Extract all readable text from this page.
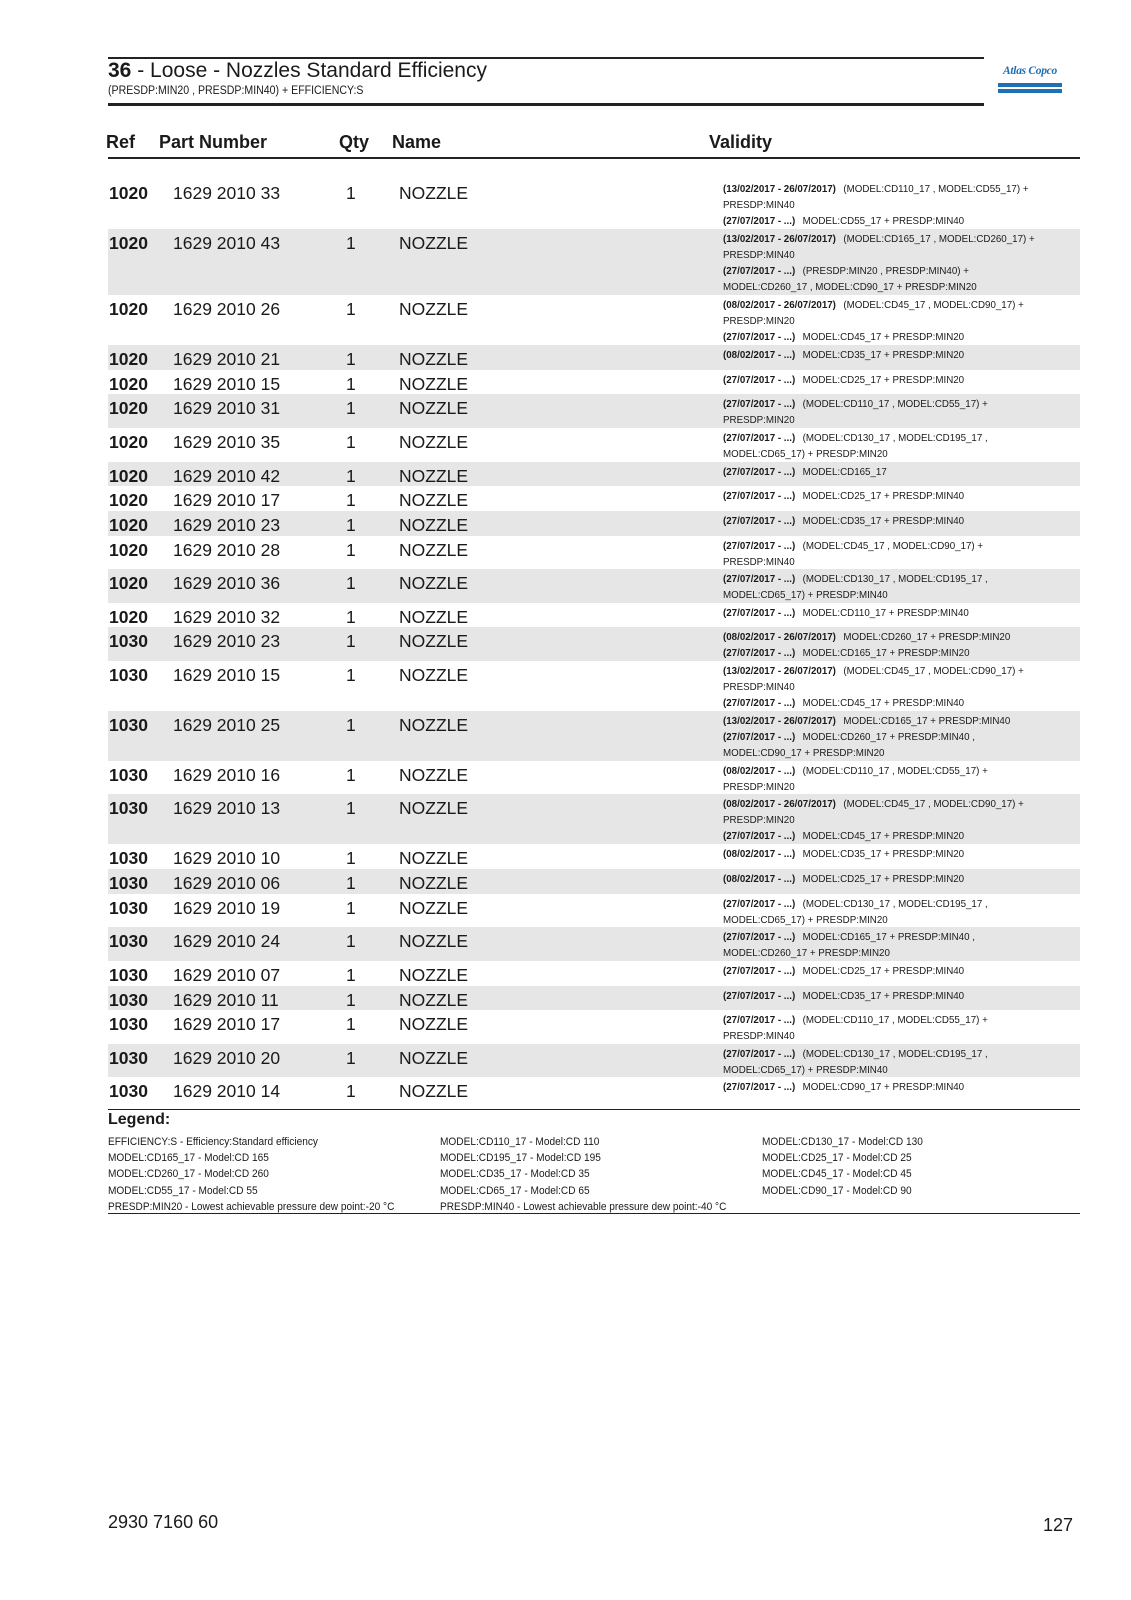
36 - Loose - Nozzles Standard Efficiency
(PRESDP:MIN20 , PRESDP:MIN40) + EFFICIENCY:S
Atlas Copco
Ref Part Number	Qty Name	Validity
1020 1629 2010 33	1 NOZZLE	(13/02/2017 - 26/07/2017) (MODEL:CD110_17 , MODEL:CD55_17) +
PRESDP:MIN40
(27/07/2017 - ...) MODEL:CD55_17 + PRESDP:MIN40
1020 1629 2010 43	1 NOZZLE	(13/02/2017 - 26/07/2017) (MODEL:CD165_17 , MODEL:CD260_17) +
PRESDP:MIN40
(27/07/2017 - ...) (PRESDP:MIN20 , PRESDP:MIN40) +
MODEL:CD260_17 , MODEL:CD90_17 + PRESDP:MIN20
1020 1629 2010 26	1 NOZZLE	(08/02/2017 - 26/07/2017) (MODEL:CD45_17 , MODEL:CD90_17) +
PRESDP:MIN20
(27/07/2017 - ...) MODEL:CD45_17 + PRESDP:MIN20
1020 1629 2010 21	1 NOZZLE	(08/02/2017 - ...) MODEL:CD35_17 + PRESDP:MIN20
1020 1629 2010 15	1 NOZZLE	(27/07/2017 - ...) MODEL:CD25_17 + PRESDP:MIN20
1020 1629 2010 31	1 NOZZLE	(27/07/2017 - ...) (MODEL:CD110_17 , MODEL:CD55_17) +
PRESDP:MIN20
1020 1629 2010 35	1 NOZZLE	(27/07/2017 - ...) (MODEL:CD130_17 , MODEL:CD195_17 ,
MODEL:CD65_17) + PRESDP:MIN20
1020 1629 2010 42	1 NOZZLE	(27/07/2017 - ...) MODEL:CD165_17
1020 1629 2010 17	1 NOZZLE	(27/07/2017 - ...) MODEL:CD25_17 + PRESDP:MIN40
1020 1629 2010 23	1 NOZZLE	(27/07/2017 - ...) MODEL:CD35_17 + PRESDP:MIN40
1020 1629 2010 28	1 NOZZLE	(27/07/2017 - ...) (MODEL:CD45_17 , MODEL:CD90_17) +
PRESDP:MIN40
1020 1629 2010 36	1 NOZZLE	(27/07/2017 - ...) (MODEL:CD130_17 , MODEL:CD195_17 ,
MODEL:CD65_17) + PRESDP:MIN40
1020 1629 2010 32	1 NOZZLE	(27/07/2017 - ...) MODEL:CD110_17 + PRESDP:MIN40
1030 1629 2010 23	1 NOZZLE	(08/02/2017 - 26/07/2017) MODEL:CD260_17 + PRESDP:MIN20
(27/07/2017 - ...) MODEL:CD165_17 + PRESDP:MIN20
1030 1629 2010 15	1 NOZZLE	(13/02/2017 - 26/07/2017) (MODEL:CD45_17 , MODEL:CD90_17) +
PRESDP:MIN40
(27/07/2017 - ...) MODEL:CD45_17 + PRESDP:MIN40
1030 1629 2010 25	1 NOZZLE	(13/02/2017 - 26/07/2017) MODEL:CD165_17 + PRESDP:MIN40
(27/07/2017 - ...) MODEL:CD260_17 + PRESDP:MIN40 ,
MODEL:CD90_17 + PRESDP:MIN20
1030 1629 2010 16	1 NOZZLE	(08/02/2017 - ...) (MODEL:CD110_17 , MODEL:CD55_17) +
PRESDP:MIN20
1030 1629 2010 13	1 NOZZLE	(08/02/2017 - 26/07/2017) (MODEL:CD45_17 , MODEL:CD90_17) +
PRESDP:MIN20
(27/07/2017 - ...) MODEL:CD45_17 + PRESDP:MIN20
1030 1629 2010 10	1 NOZZLE	(08/02/2017 - ...) MODEL:CD35_17 + PRESDP:MIN20
1030 1629 2010 06	1 NOZZLE	(08/02/2017 - ...) MODEL:CD25_17 + PRESDP:MIN20
1030 1629 2010 19	1 NOZZLE	(27/07/2017 - ...) (MODEL:CD130_17 , MODEL:CD195_17 ,
MODEL:CD65_17) + PRESDP:MIN20
1030 1629 2010 24	1 NOZZLE	(27/07/2017 - ...) MODEL:CD165_17 + PRESDP:MIN40 ,
MODEL:CD260_17 + PRESDP:MIN20
1030 1629 2010 07	1 NOZZLE	(27/07/2017 - ...) MODEL:CD25_17 + PRESDP:MIN40
1030 1629 2010 11	1 NOZZLE	(27/07/2017 - ...) MODEL:CD35_17 + PRESDP:MIN40
1030 1629 2010 17	1 NOZZLE	(27/07/2017 - ...) (MODEL:CD110_17 , MODEL:CD55_17) +
PRESDP:MIN40
1030 1629 2010 20	1 NOZZLE	(27/07/2017 - ...) (MODEL:CD130_17 , MODEL:CD195_17 ,
MODEL:CD65_17) + PRESDP:MIN40
1030 1629 2010 14	1 NOZZLE	(27/07/2017 - ...) MODEL:CD90_17 + PRESDP:MIN40
Legend:
EFFICIENCY:S - Efficiency:Standard efficiency
MODEL:CD165_17 - Model:CD 165
MODEL:CD260_17 - Model:CD 260
MODEL:CD55_17 - Model:CD 55
PRESDP:MIN20 - Lowest achievable pressure dew point:-20 °C
MODEL:CD110_17 - Model:CD 110
MODEL:CD195_17 - Model:CD 195
MODEL:CD35_17 - Model:CD 35
MODEL:CD65_17 - Model:CD 65
PRESDP:MIN40 - Lowest achievable pressure dew point:-40 °C
MODEL:CD130_17 - Model:CD 130
MODEL:CD25_17 - Model:CD 25
MODEL:CD45_17 - Model:CD 45
MODEL:CD90_17 - Model:CD 90
2930 7160 60	127
